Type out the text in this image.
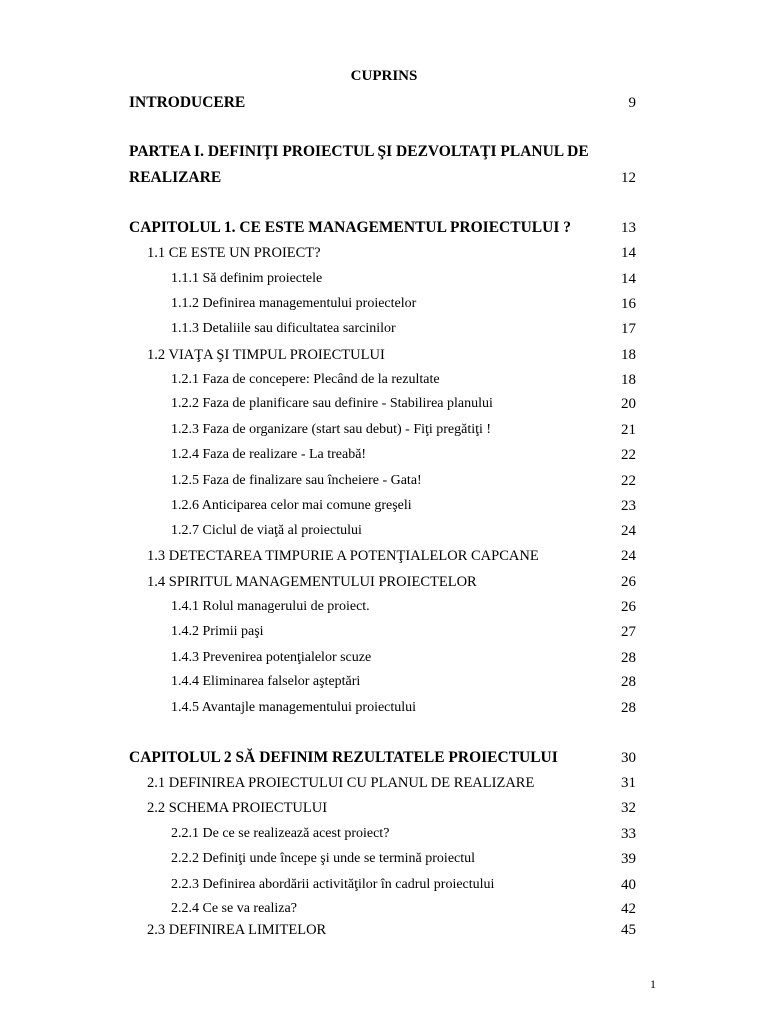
CUPRINS
INTRODUCERE	9
PARTEA I. DEFINIŢI PROIECTUL ŞI DEZVOLTAŢI PLANUL DE
REALIZARE	12
CAPITOLUL 1. CE ESTE MANAGEMENTUL PROIECTULUI ?	13
1.1 CE ESTE UN PROIECT?	14
1.1.1 Să definim proiectele	14
1.1.2 Definirea managementului proiectelor	16
1.1.3 Detaliile sau dificultatea sarcinilor	17
1.2 VIAŢA ŞI TIMPUL PROIECTULUI	18
1.2.1 Faza de concepere: Plecând de la rezultate	18
1.2.2 Faza de planificare sau definire - Stabilirea planului	20
1.2.3 Faza de organizare (start sau debut) - Fiţi pregătiţi !	21
1.2.4 Faza de realizare - La treabă!	22
1.2.5 Faza de finalizare sau încheiere - Gata!	22
1.2.6 Anticiparea celor mai comune greşeli	23
1.2.7 Ciclul de viaţă al proiectului	24
1.3 DETECTAREA TIMPURIE A POTENŢIALELOR CAPCANE	24
1.4 SPIRITUL MANAGEMENTULUI PROIECTELOR	26
1.4.1 Rolul managerului de proiect.	26
1.4.2 Primii paşi	27
1.4.3 Prevenirea potenţialelor scuze	28
1.4.4 Eliminarea falselor aşteptări	28
1.4.5 Avantajle managementului proiectului	28
CAPITOLUL 2 SĂ DEFINIM REZULTATELE PROIECTULUI	30
2.1 DEFINIREA PROIECTULUI CU PLANUL DE REALIZARE	31
2.2 SCHEMA PROIECTULUI	32
2.2.1 De ce se realizează acest proiect?	33
2.2.2 Definiţi unde începe şi unde se termină proiectul	39
2.2.3 Definirea abordării activităţilor în cadrul proiectului	40
2.2.4 Ce se va realiza?	42
2.3 DEFINIREA LIMITELOR	45
1
